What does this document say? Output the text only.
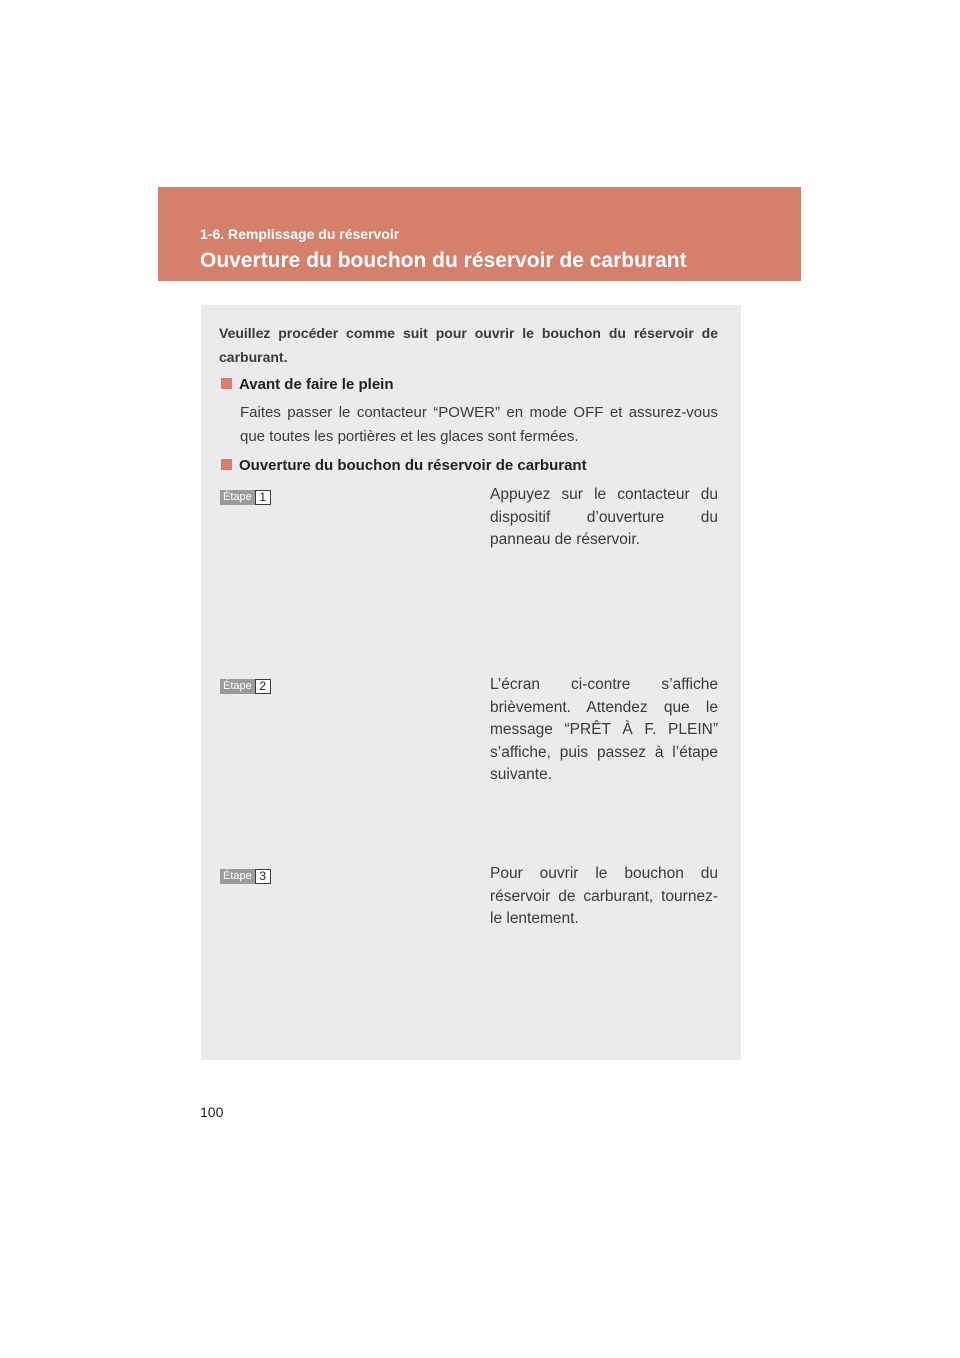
1-6. Remplissage du réservoir
Ouverture du bouchon du réservoir de carburant
Veuillez procéder comme suit pour ouvrir le bouchon du réservoir de carburant.
Avant de faire le plein
Faites passer le contacteur “POWER” en mode OFF et assurez-vous que toutes les portières et les glaces sont fermées.
Ouverture du bouchon du réservoir de carburant
Étape 1	Appuyez sur le contacteur du dispositif d’ouverture du panneau de réservoir.
Étape 2	L’écran ci-contre s’affiche brièvement. Attendez que le message “PRÊT À F. PLEIN” s’affiche, puis passez à l’étape suivante.
Étape 3	Pour ouvrir le bouchon du réservoir de carburant, tournez-le lentement.
100
